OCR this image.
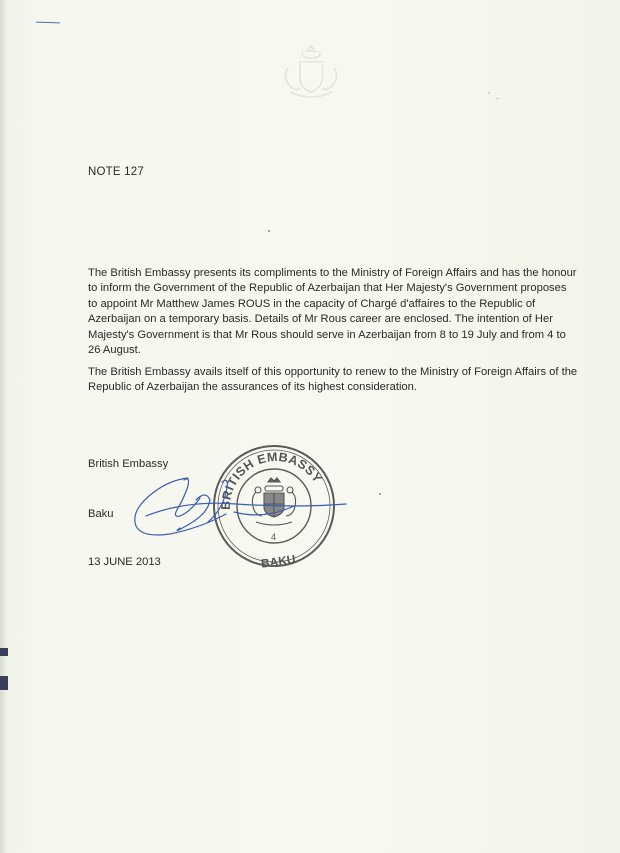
NOTE 127
The British Embassy presents its compliments to the Ministry of Foreign Affairs and has the honour to inform the Government of the Republic of Azerbaijan that Her Majesty's Government proposes to appoint Mr Matthew James ROUS in the capacity of Chargé d'affaires to the Republic of Azerbaijan on a temporary basis. Details of Mr Rous career are enclosed. The intention of Her Majesty's Government is that Mr Rous should serve in Azerbaijan from 8 to 19 July and from 4 to 26 August.
The British Embassy avails itself of this opportunity to renew to the Ministry of Foreign Affairs of the Republic of Azerbaijan the assurances of its highest consideration.
British Embassy
Baku
13 JUNE 2013
BRITISH EMBASSY
BAKU
4
